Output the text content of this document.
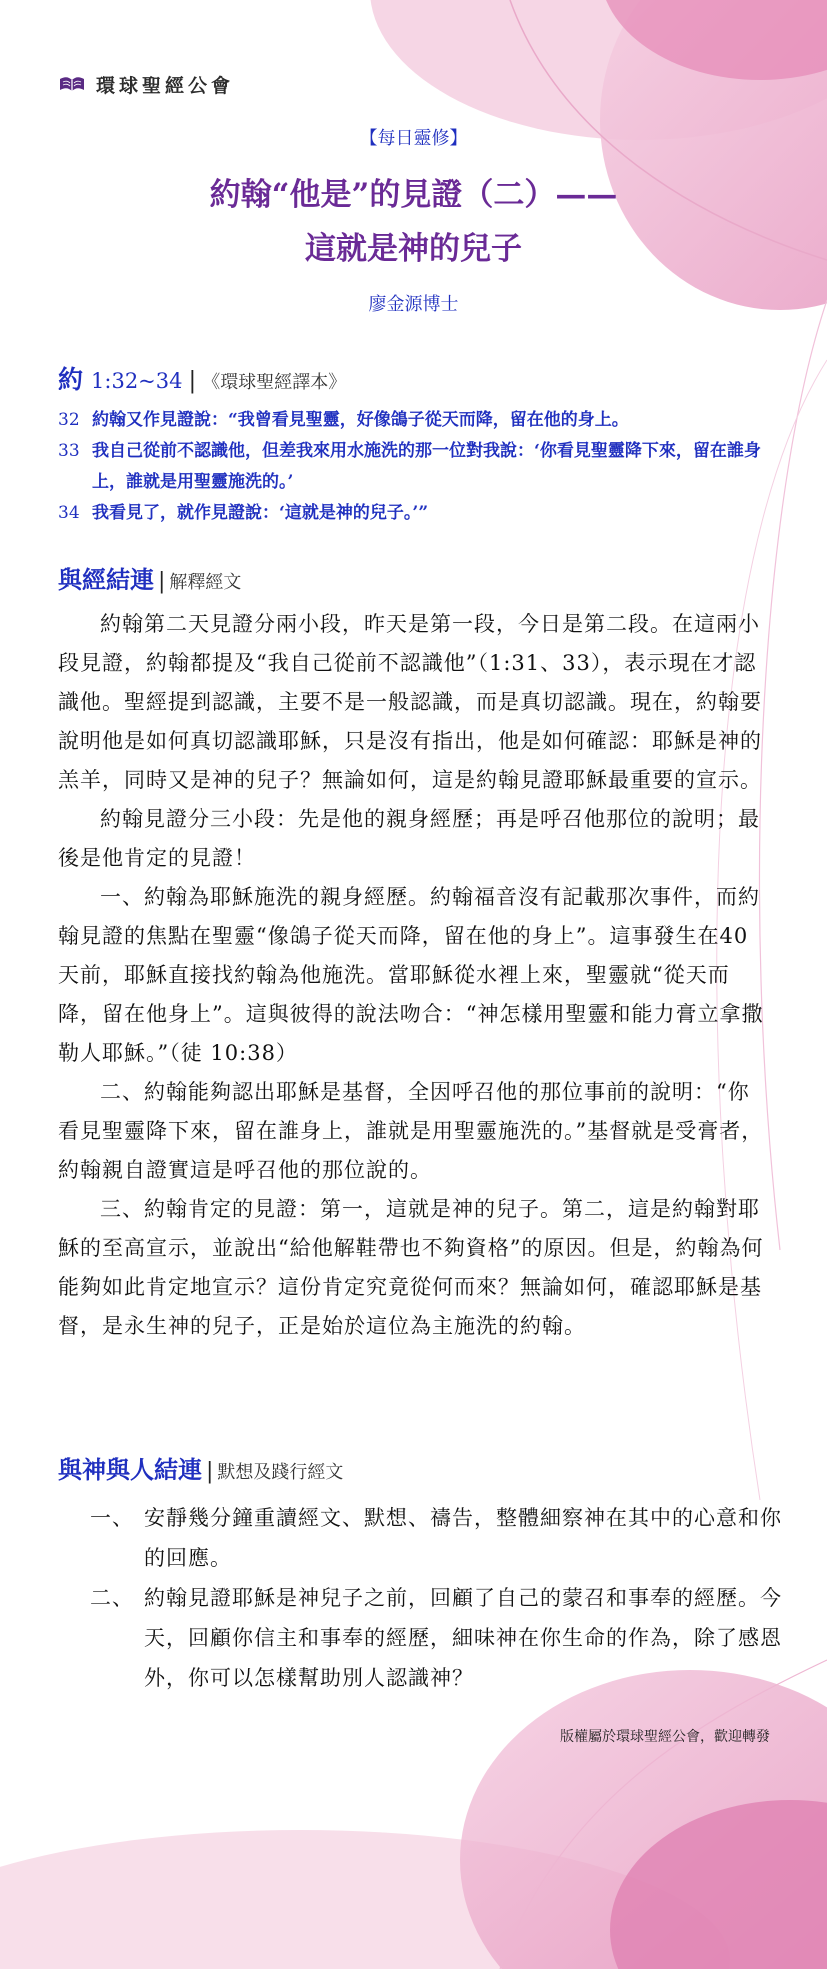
環球聖經公會
【每日靈修】
約翰“他是”的見證（二）——
這就是神的兒子
廖金源博士
約 1:32~34 | 《環球聖經譯本》
32 約翰又作見證說：“我曾看見聖靈，好像鴿子從天而降，留在他的身上。
33 我自己從前不認識他，但差我來用水施洗的那一位對我說：‘你看見聖靈降下來，留在誰身上，誰就是用聖靈施洗的。’
34 我看見了，就作見證說：‘這就是神的兒子。’”
與經結連 | 解釋經文

約翰第二天見證分兩小段，昨天是第一段，今日是第二段。在這兩小段見證，約翰都提及“我自己從前不認識他”（1:31、33），表示現在才認識他。聖經提到認識，主要不是一般認識，而是真切認識。現在，約翰要說明他是如何真切認識耶穌，只是沒有指出，他是如何確認：耶穌是神的羔羊，同時又是神的兒子？無論如何，這是約翰見證耶穌最重要的宣示。

約翰見證分三小段：先是他的親身經歷；再是呼召他那位的說明；最後是他肯定的見證！

一、約翰為耶穌施洗的親身經歷。約翰福音沒有記載那次事件，而約翰見證的焦點在聖靈“像鴿子從天而降，留在他的身上”。這事發生在40天前，耶穌直接找約翰為他施洗。當耶穌從水裡上來，聖靈就“從天而降，留在他身上”。這與彼得的說法吻合：“神怎樣用聖靈和能力膏立拿撒勒人耶穌。”（徒 10:38）

二、約翰能夠認出耶穌是基督，全因呼召他的那位事前的說明：“你看見聖靈降下來，留在誰身上，誰就是用聖靈施洗的。”基督就是受膏者，約翰親自證實這是呼召他的那位說的。

三、約翰肯定的見證：第一，這就是神的兒子。第二，這是約翰對耶穌的至高宣示，並說出“給他解鞋帶也不夠資格”的原因。但是，約翰為何能夠如此肯定地宣示？這份肯定究竟從何而來？無論如何，確認耶穌是基督，是永生神的兒子，正是始於這位為主施洗的約翰。

與神與人結連 | 默想及踐行經文
一、 安靜幾分鐘重讀經文、默想、禱告，整體細察神在其中的心意和你的回應。
二、 約翰見證耶穌是神兒子之前，回顧了自己的蒙召和事奉的經歷。今天，回顧你信主和事奉的經歷，細味神在你生命的作為，除了感恩外，你可以怎樣幫助別人認識神？
版權屬於環球聖經公會，歡迎轉發
